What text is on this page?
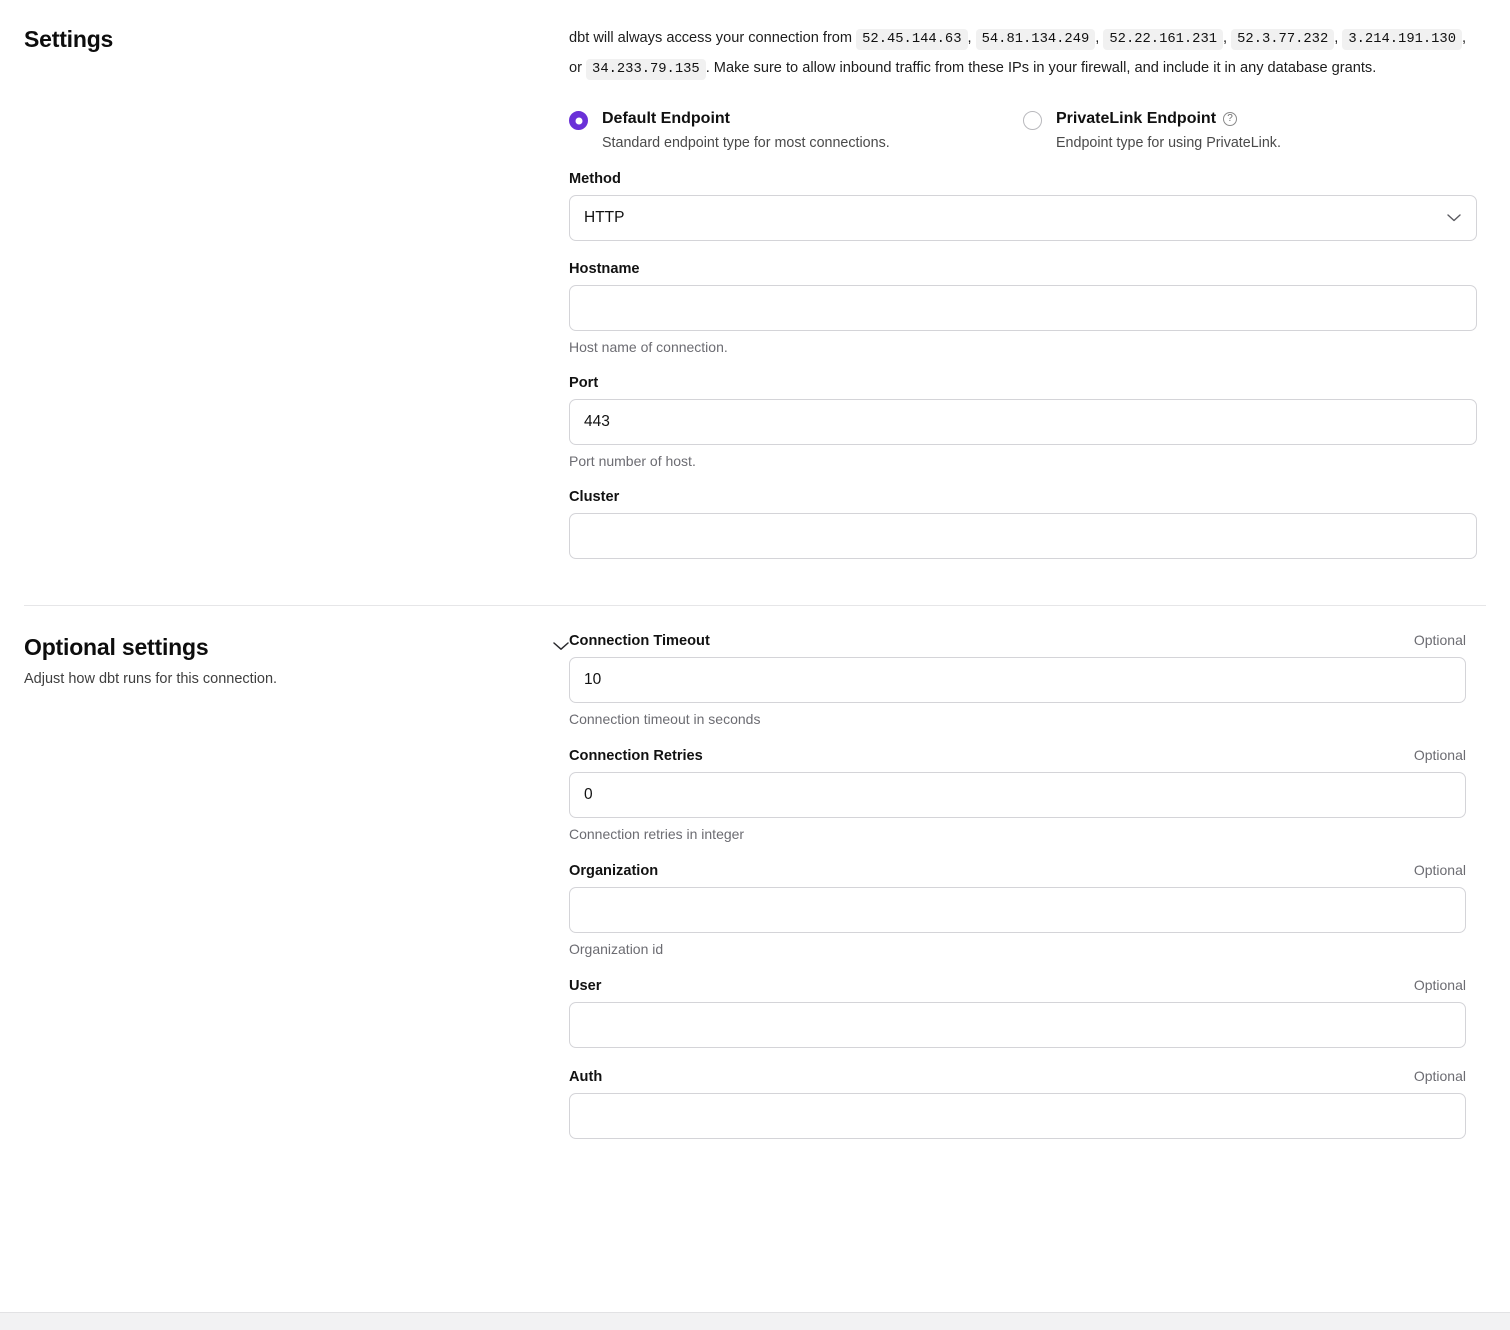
Settings	dbt will always access your connection from 52.45.144.63 , 54.81.134.249 , 52.22.161.231 , 52.3.77.232 , 3.214.191.130 , or 34.233.79.135 . Make sure to allow inbound traffic from these IPs in your firewall, and include it in any database grants.
Default Endpoint
Standard endpoint type for most connections.
PrivateLink Endpoint ?
Endpoint type for using PrivateLink.
Method
HTTP
Hostname
Host name of connection.
Port
443
Port number of host.
Cluster
Optional settings
Adjust how dbt runs for this connection.
Connection Timeout	Optional
10
Connection timeout in seconds
Connection Retries	Optional
0
Connection retries in integer
Organization	Optional
Organization id
User	Optional
Auth	Optional
